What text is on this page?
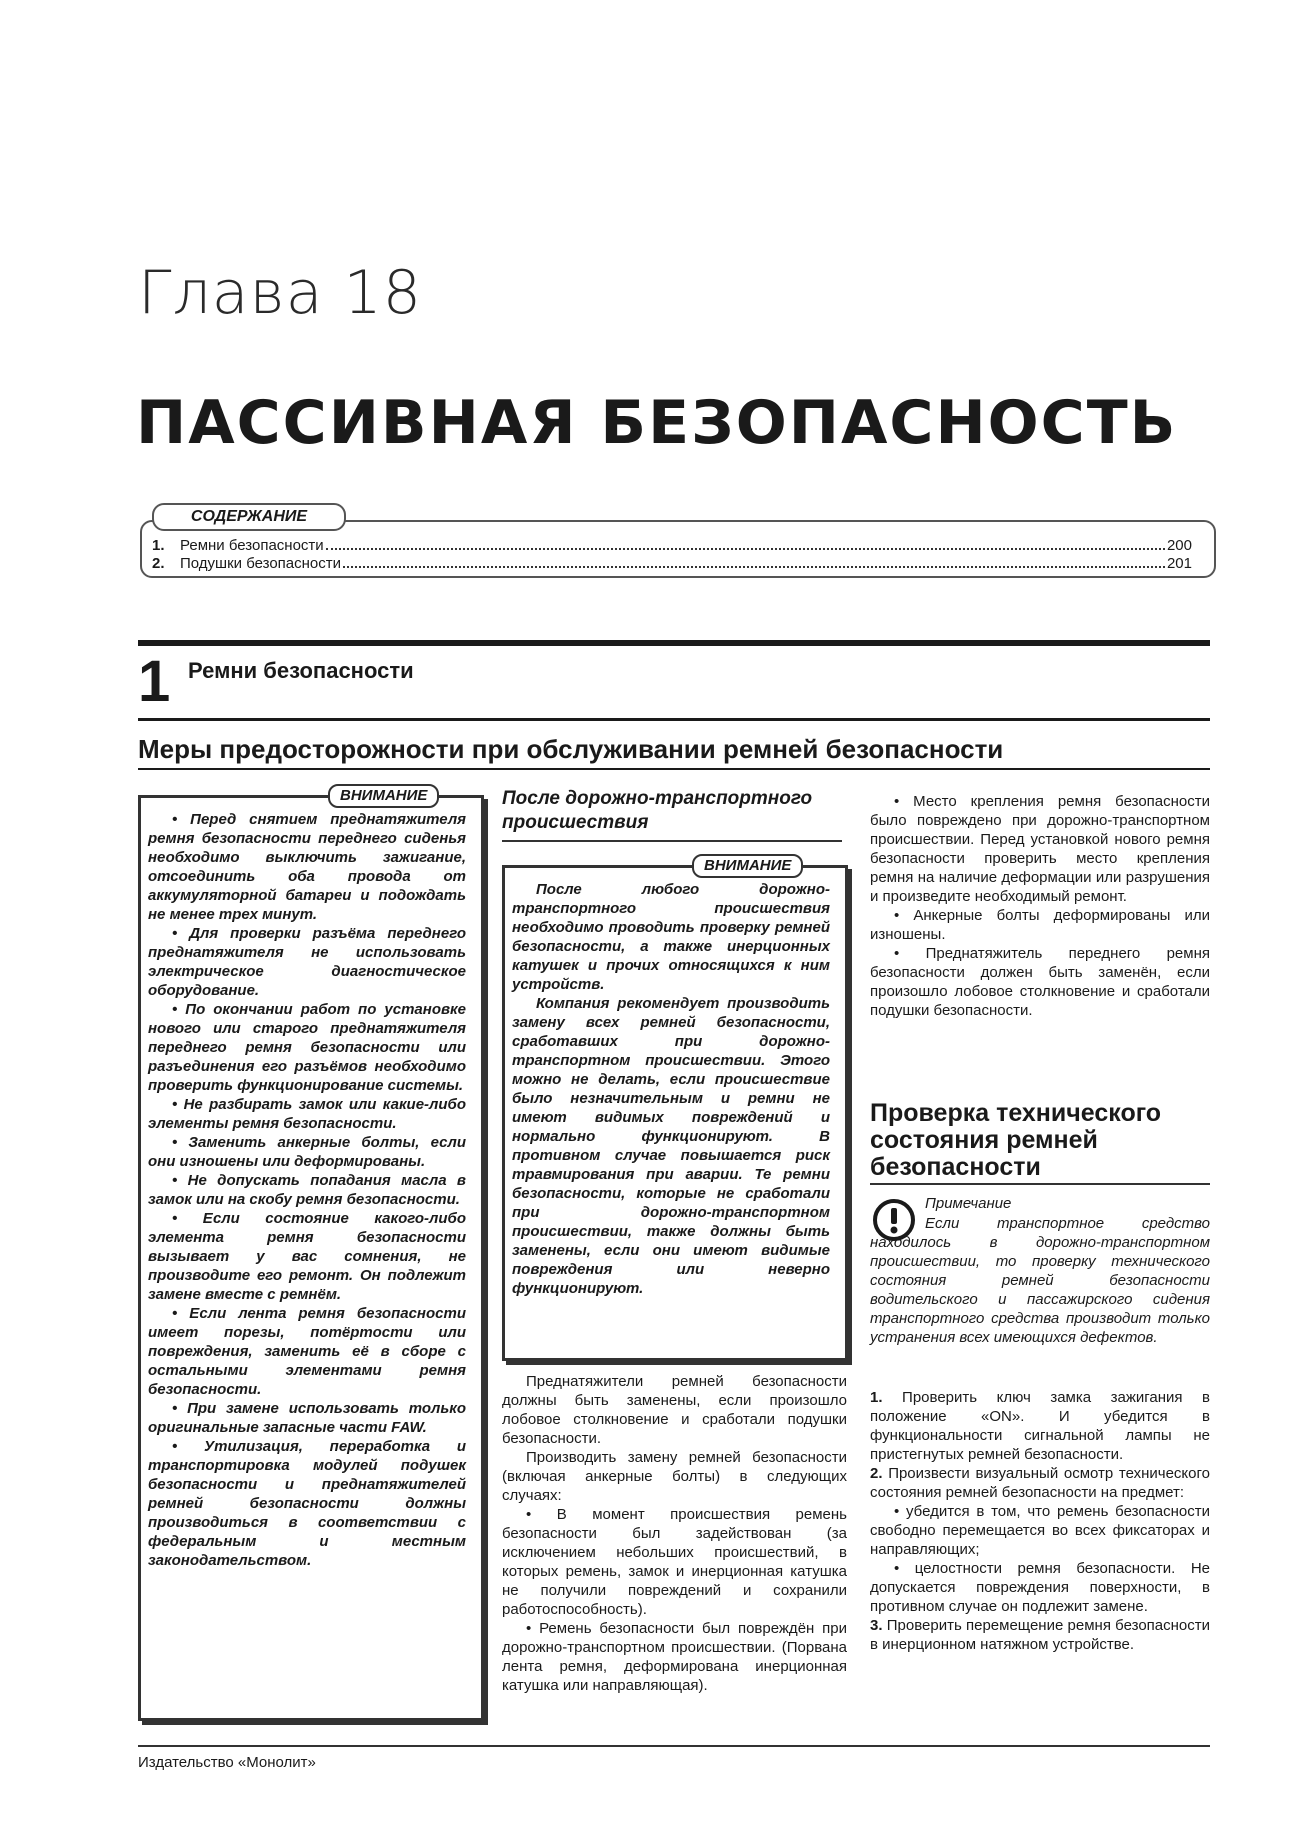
Глава 18
ПАССИВНАЯ БЕЗОПАСНОСТЬ
СОДЕРЖАНИЕ
1.	Ремни безопасности	200
2.	Подушки безопасности	201
1 Ремни безопасности
Меры предосторожности при обслуживании ремней безопасности
ВНИМАНИЕ

• Перед снятием преднатяжителя ремня безопасности переднего сиденья необходимо выключить зажигание, отсоединить оба провода от аккумуляторной батареи и подождать не менее трех минут.

• Для проверки разъёма переднего преднатяжителя не использовать электрическое диагностическое оборудование.

• По окончании работ по установке нового или старого преднатяжителя переднего ремня безопасности или разъединения его разъёмов необходимо проверить функционирование системы.

• Не разбирать замок или какие-либо элементы ремня безопасности.

• Заменить анкерные болты, если они изношены или деформированы.

• Не допускать попадания масла в замок или на скобу ремня безопасности.

• Если состояние какого-либо элемента ремня безопасности вызывает у вас сомнения, не производите его ремонт. Он подлежит замене вместе с ремнём.

• Если лента ремня безопасности имеет порезы, потёртости или повреждения, заменить её в сборе с остальными элементами ремня безопасности.

• При замене использовать только оригинальные запасные части FAW.

• Утилизация, переработка и транспортировка модулей подушек безопасности и преднатяжителей ремней безопасности должны производиться в соответствии с федеральным и местным законодательством.

После дорожно-транспортного происшествия
ВНИМАНИЕ

После любого дорожно-транспортного происшествия необходимо проводить проверку ремней безопасности, а также инерционных катушек и прочих относящихся к ним устройств.

Компания рекомендует производить замену всех ремней безопасности, сработавших при дорожно-транспортном происшествии. Этого можно не делать, если происшествие было незначительным и ремни не имеют видимых повреждений и нормально функционируют. В противном случае повышается риск травмирования при аварии. Те ремни безопасности, которые не сработали при дорожно-транспортном происшествии, также должны быть заменены, если они имеют видимые повреждения или неверно функционируют.

Преднатяжители ремней безопасности должны быть заменены, если произошло лобовое столкновение и сработали подушки безопасности.

Производить замену ремней безопасности (включая анкерные болты) в следующих случаях:

• В момент происшествия ремень безопасности был задействован (за исключением небольших происшествий, в которых ремень, замок и инерционная катушка не получили повреждений и сохранили работоспособность).

• Ремень безопасности был повреждён при дорожно-транспортном происшествии. (Порвана лента ремня, деформирована инерционная катушка или направляющая).

• Место крепления ремня безопасности было повреждено при дорожно-транспортном происшествии. Перед установкой нового ремня безопасности проверить место крепления ремня на наличие деформации или разрушения и произведите необходимый ремонт.

• Анкерные болты деформированы или изношены.

• Преднатяжитель переднего ремня безопасности должен быть заменён, если произошло лобовое столкновение и сработали подушки безопасности.

Проверка технического состояния ремней безопасности
Примечание
Если транспортное средство находилось в дорожно-транспортном происшествии, то проверку технического состояния ремней безопасности водительского и пассажирского сидения транспортного средства производит только устранения всех имеющихся дефектов.

1. Проверить ключ замка зажигания в положение «ON». И убедится в функциональности сигнальной лампы не пристегнутых ремней безопасности.

2. Произвести визуальный осмотр технического состояния ремней безопасности на предмет:

• убедится в том, что ремень безопасности свободно перемещается во всех фиксаторах и направляющих;

• целостности ремня безопасности. Не допускается повреждения поверхности, в противном случае он подлежит замене.

3. Проверить перемещение ремня безопасности в инерционном натяжном устройстве.

Издательство «Монолит»
